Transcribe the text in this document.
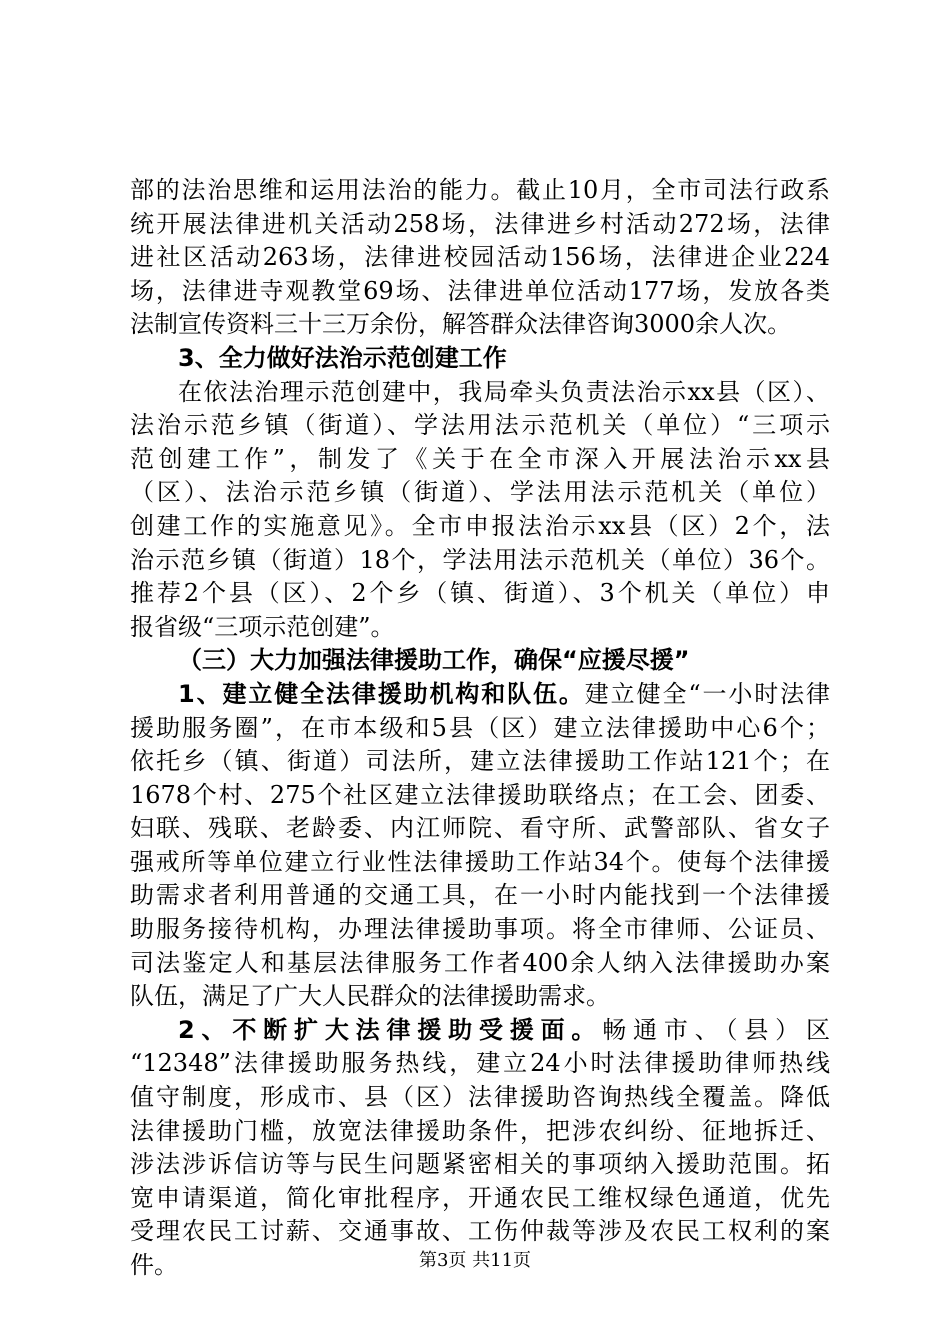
部的法治思维和运用法治的能力。截止10月，全市司法行政系
统开展法律进机关活动258场，法律进乡村活动272场，法律
进社区活动263场，法律进校园活动156场，法律进企业224
场，法律进寺观教堂69场、法律进单位活动177场，发放各类
法制宣传资料三十三万余份，解答群众法律咨询3000余人次。
3、全力做好法治示范创建工作
在依法治理示范创建中，我局牵头负责法治示xx县（区）、
法治示范乡镇（街道）、学法用法示范机关（单位）“三项示
范创建工作”，制发了《关于在全市深入开展法治示xx县
（区）、法治示范乡镇（街道）、学法用法示范机关（单位）
创建工作的实施意见》。全市申报法治示xx县（区）2个，法
治示范乡镇（街道）18个，学法用法示范机关（单位）36个。
推荐2个县（区）、2个乡（镇、街道）、3个机关（单位）申
报省级“三项示范创建”。
（三）大力加强法律援助工作，确保“应援尽援”
1、建立健全法律援助机构和队伍。建立健全“一小时法律
援助服务圈”，在市本级和5县（区）建立法律援助中心6个；
依托乡（镇、街道）司法所，建立法律援助工作站121个；在
1678个村、275个社区建立法律援助联络点；在工会、团委、
妇联、残联、老龄委、内江师院、看守所、武警部队、省女子
强戒所等单位建立行业性法律援助工作站34个。使每个法律援
助需求者利用普通的交通工具，在一小时内能找到一个法律援
助服务接待机构，办理法律援助事项。将全市律师、公证员、
司法鉴定人和基层法律服务工作者400余人纳入法律援助办案
队伍，满足了广大人民群众的法律援助需求。
2、不断扩大法律援助受援面。畅通市、（县）区
“12348”法律援助服务热线，建立24小时法律援助律师热线
值守制度，形成市、县（区）法律援助咨询热线全覆盖。降低
法律援助门槛，放宽法律援助条件，把涉农纠纷、征地拆迁、
涉法涉诉信访等与民生问题紧密相关的事项纳入援助范围。拓
宽申请渠道，简化审批程序，开通农民工维权绿色通道，优先
受理农民工讨薪、交通事故、工伤仲裁等涉及农民工权利的案
件。	第3页 共11页
